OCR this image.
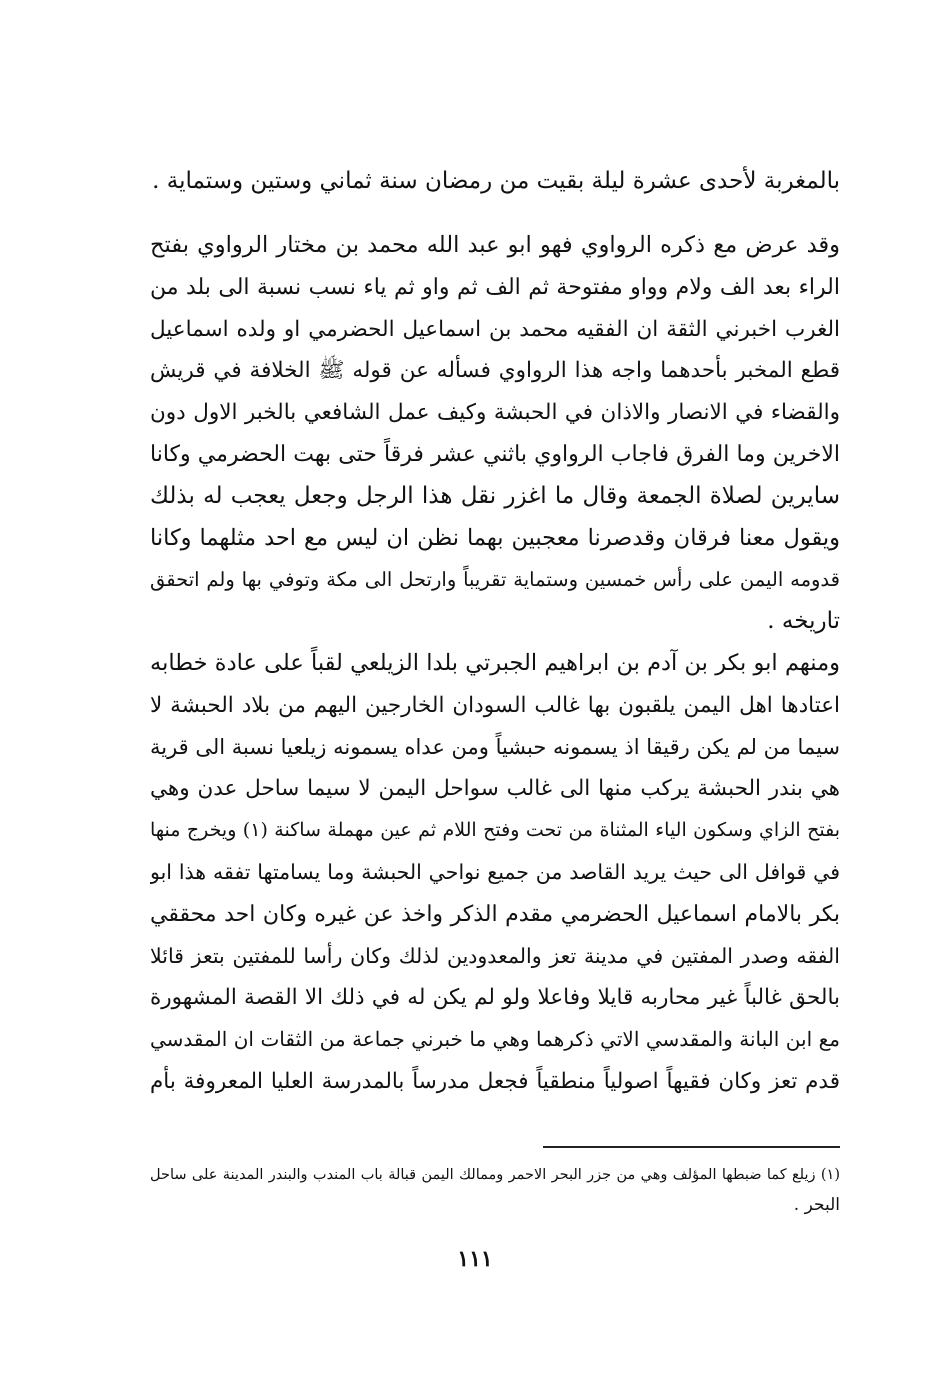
بالمغربة لأحدى عشرة ليلة بقيت من رمضان سنة ثماني وستين وستماية .
وقد عرض مع ذكره الرواوي فهو ابو عبد الله محمد بن مختار الرواوي بفتح
الراء بعد الف ولام وواو مفتوحة ثم الف ثم واو ثم ياء نسب نسبة الى بلد من
الغرب اخبرني الثقة ان الفقيه محمد بن اسماعيل الحضرمي او ولده اسماعيل
قطع المخبر بأحدهما واجه هذا الرواوي فسأله عن قوله ﷺ الخلافة في قريش
والقضاء في الانصار والاذان في الحبشة وكيف عمل الشافعي بالخبر الاول دون
الاخرين وما الفرق فاجاب الرواوي باثني عشر فرقاً حتى بهت الحضرمي وكانا
سايرين لصلاة الجمعة وقال ما اغزر نقل هذا الرجل وجعل يعجب له بذلك
ويقول معنا فرقان وقدصرنا معجبين بهما نظن ان ليس مع احد مثلهما وكانا
قدومه اليمن على رأس خمسين وستماية تقريباً وارتحل الى مكة وتوفي بها ولم اتحقق
تاريخه .
ومنهم ابو بكر بن آدم بن ابراهيم الجبرتي بلدا الزيلعي لقباً على عادة خطابه
اعتادها اهل اليمن يلقبون بها غالب السودان الخارجين اليهم من بلاد الحبشة لا
سيما من لم يكن رقيقا اذ يسمونه حبشياً ومن عداه يسمونه زيلعيا نسبة الى قرية
هي بندر الحبشة يركب منها الى غالب سواحل اليمن لا سيما ساحل عدن وهي
بفتح الزاي وسكون الياء المثناة من تحت وفتح اللام ثم عين مهملة ساكنة (١) ويخرج منها
في قوافل الى حيث يريد القاصد من جميع نواحي الحبشة وما يسامتها تفقه هذا ابو
بكر بالامام اسماعيل الحضرمي مقدم الذكر واخذ عن غيره وكان احد محققي
الفقه وصدر المفتين في مدينة تعز والمعدودين لذلك وكان رأسا للمفتين بتعز قائلا
بالحق غالباً غير محاربه قايلا وفاعلا ولو لم يكن له في ذلك الا القصة المشهورة
مع ابن البانة والمقدسي الاتي ذكرهما وهي ما خبرني جماعة من الثقات ان المقدسي
قدم تعز وكان فقيهاً اصولياً منطقياً فجعل مدرساً بالمدرسة العليا المعروفة بأم
(١) زيلع كما ضبطها المؤلف وهي من جزر البحر الاحمر وممالك اليمن قبالة باب المندب والبندر المدينة على ساحل
البحر .
١١١
